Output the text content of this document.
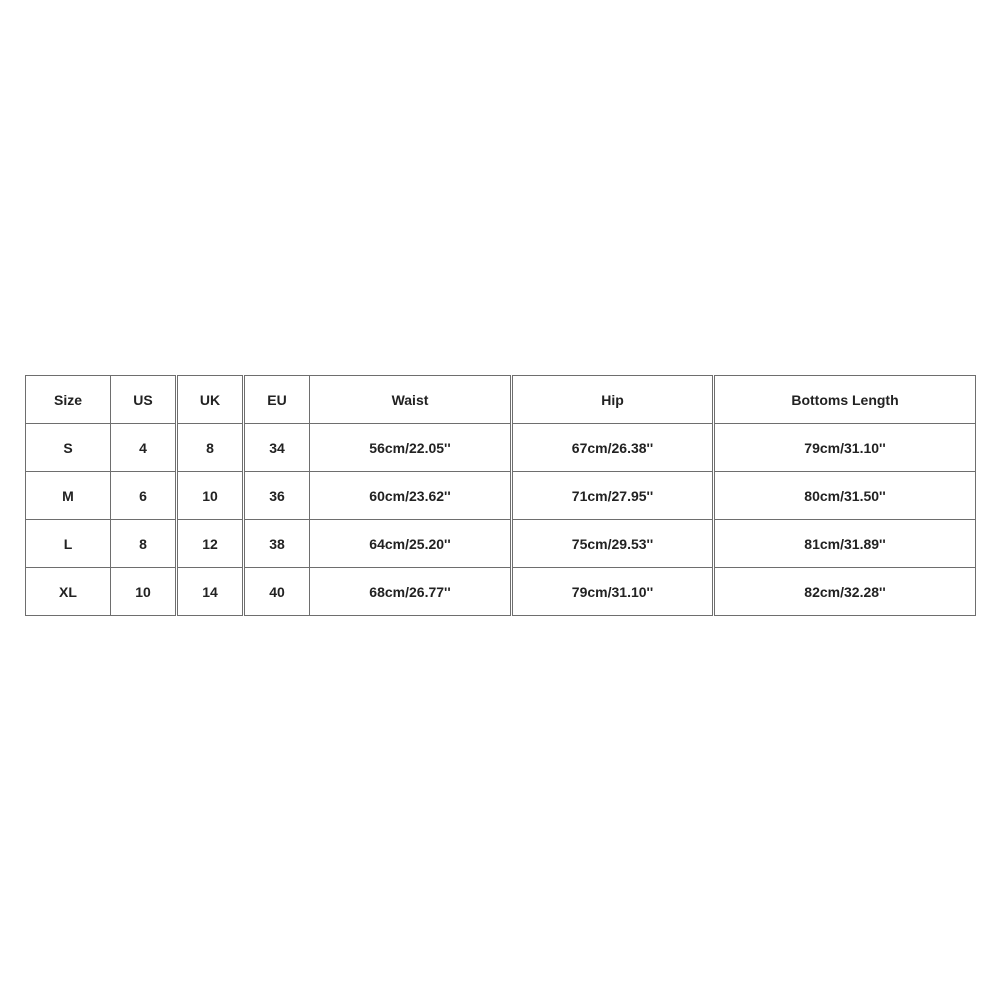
Size	US	UK	EU	Waist	Hip	Bottoms Length
S	4	8	34	56cm/22.05''	67cm/26.38''	79cm/31.10''
M	6	10	36	60cm/23.62''	71cm/27.95''	80cm/31.50''
L	8	12	38	64cm/25.20''	75cm/29.53''	81cm/31.89''
XL	10	14	40	68cm/26.77''	79cm/31.10''	82cm/32.28''
